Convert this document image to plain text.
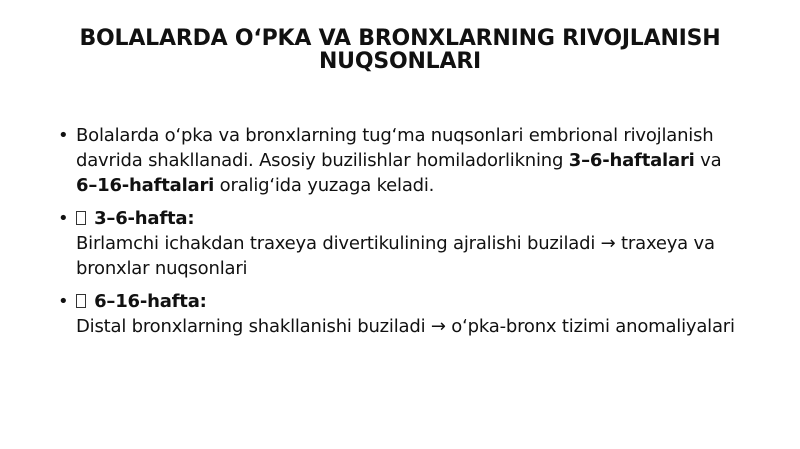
BOLALARDA O‘PKA VA BRONXLARNING RIVOJLANISH
NUQSONLARI
• Bolalarda o‘pka va bronxlarning tug‘ma nuqsonlari embrional rivojlanish davrida shakllanadi. Asosiy buzilishlar homiladorlikning 3–6-haftalari va 6–16-haftalari oralig‘ida yuzaga keladi.
•	3–6-hafta:
Birlamchi ichakdan traxeya divertikulining ajralishi buziladi → traxeya va bronxlar nuqsonlari
•	6–16-hafta:
Distal bronxlarning shakllanishi buziladi → o‘pka-bronx tizimi anomaliyalari
